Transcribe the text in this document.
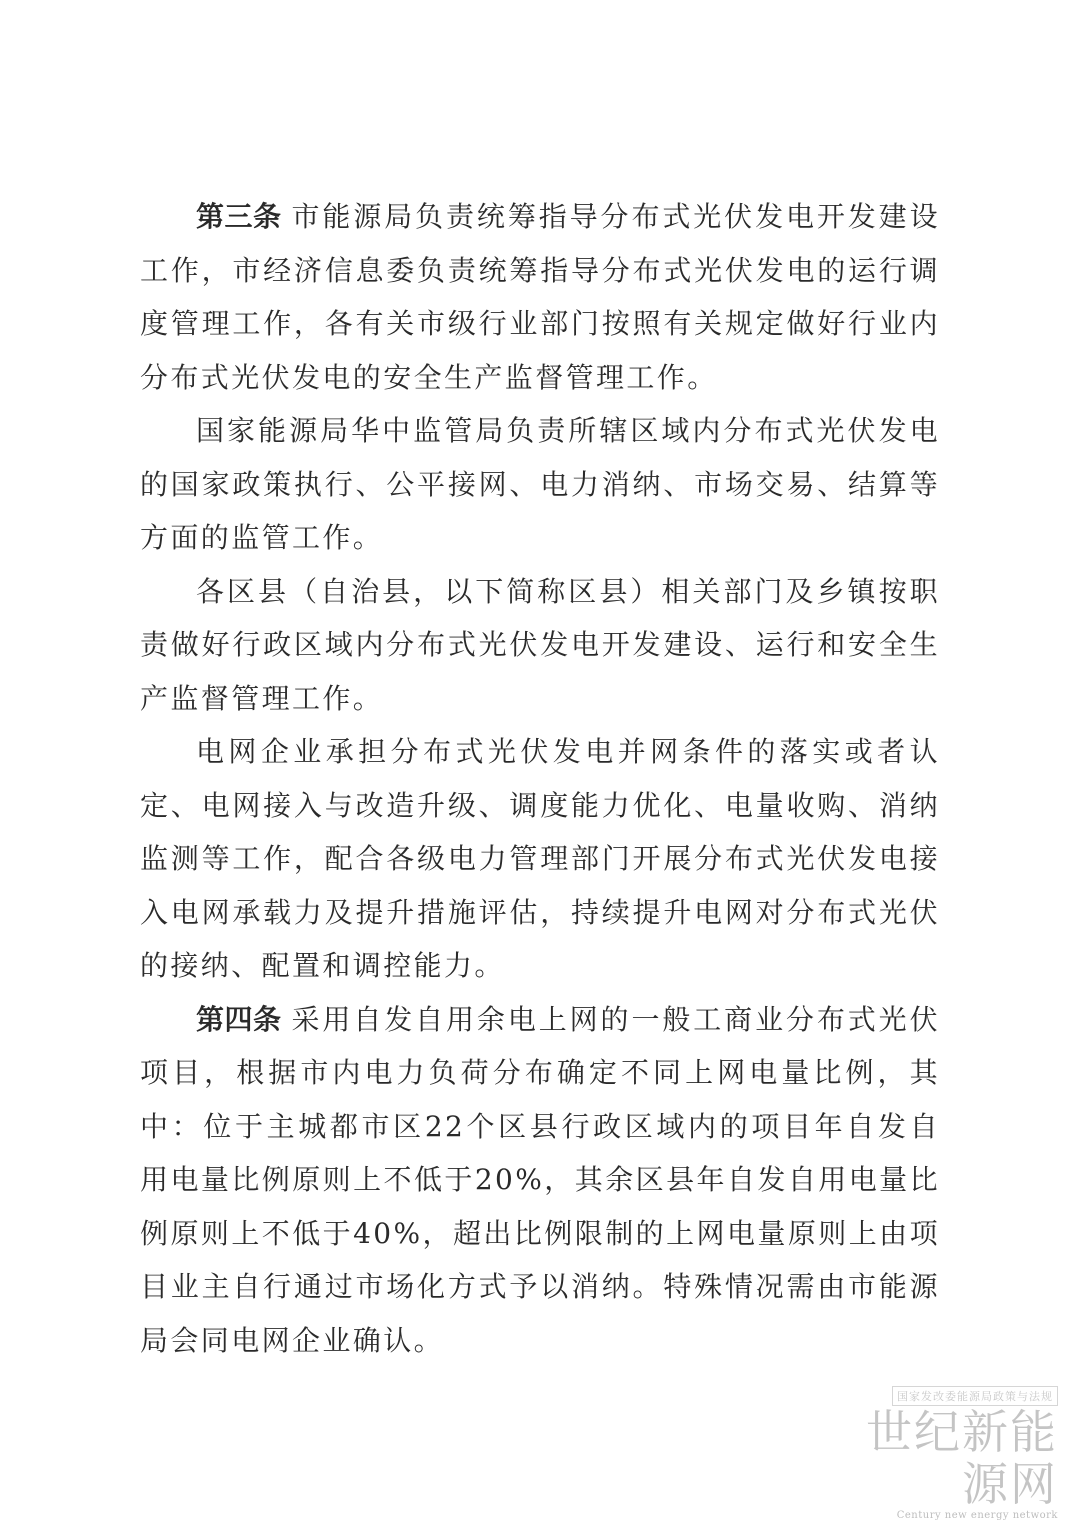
第三条 市能源局负责统筹指导分布式光伏发电开发建设工作，市经济信息委负责统筹指导分布式光伏发电的运行调度管理工作，各有关市级行业部门按照有关规定做好行业内分布式光伏发电的安全生产监督管理工作。

国家能源局华中监管局负责所辖区域内分布式光伏发电的国家政策执行、公平接网、电力消纳、市场交易、结算等方面的监管工作。

各区县（自治县，以下简称区县）相关部门及乡镇按职责做好行政区域内分布式光伏发电开发建设、运行和安全生产监督管理工作。

电网企业承担分布式光伏发电并网条件的落实或者认定、电网接入与改造升级、调度能力优化、电量收购、消纳监测等工作，配合各级电力管理部门开展分布式光伏发电接入电网承载力及提升措施评估，持续提升电网对分布式光伏的接纳、配置和调控能力。

第四条 采用自发自用余电上网的一般工商业分布式光伏项目，根据市内电力负荷分布确定不同上网电量比例，其中：位于主城都市区22个区县行政区域内的项目年自发自用电量比例原则上不低于20%，其余区县年自发自用电量比例原则上不低于40%，超出比例限制的上网电量原则上由项目业主自行通过市场化方式予以消纳。特殊情况需由市能源局会同电网企业确认。

国家发改委能源局政策与法规
世纪新能源网
Century new energy network
